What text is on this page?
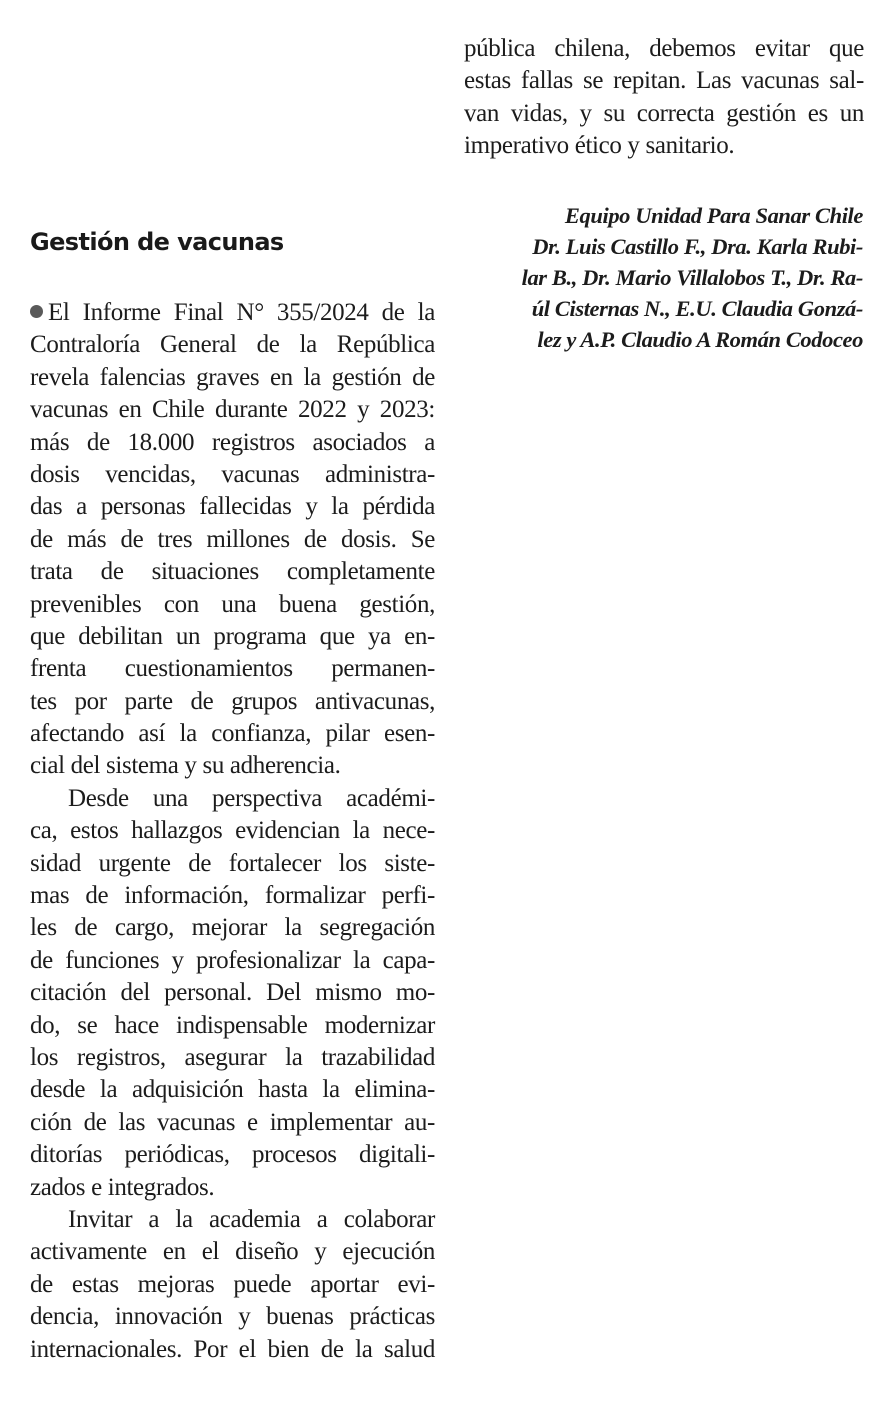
pública chilena, debemos evitar que
estas fallas se repitan. Las vacunas sal-
van vidas, y su correcta gestión es un
imperativo ético y sanitario.
Equipo Unidad Para Sanar Chile
Dr. Luis Castillo F., Dra. Karla Rubi-
lar B., Dr. Mario Villalobos T., Dr. Ra-
úl Cisternas N., E.U. Claudia Gonzá-
lez y A.P. Claudio A Román Codoceo
Gestión de vacunas
El Informe Final N° 355/2024 de la
Contraloría General de la República
revela falencias graves en la gestión de
vacunas en Chile durante 2022 y 2023:
más de 18.000 registros asociados a
dosis vencidas, vacunas administra-
das a personas fallecidas y la pérdida
de más de tres millones de dosis. Se
trata de situaciones completamente
prevenibles con una buena gestión,
que debilitan un programa que ya en-
frenta cuestionamientos permanen-
tes por parte de grupos antivacunas,
afectando así la confianza, pilar esen-
cial del sistema y su adherencia.
Desde una perspectiva académi-
ca, estos hallazgos evidencian la nece-
sidad urgente de fortalecer los siste-
mas de información, formalizar perfi-
les de cargo, mejorar la segregación
de funciones y profesionalizar la capa-
citación del personal. Del mismo mo-
do, se hace indispensable modernizar
los registros, asegurar la trazabilidad
desde la adquisición hasta la elimina-
ción de las vacunas e implementar au-
ditorías periódicas, procesos digitali-
zados e integrados.
Invitar a la academia a colaborar
activamente en el diseño y ejecución
de estas mejoras puede aportar evi-
dencia, innovación y buenas prácticas
internacionales. Por el bien de la salud
